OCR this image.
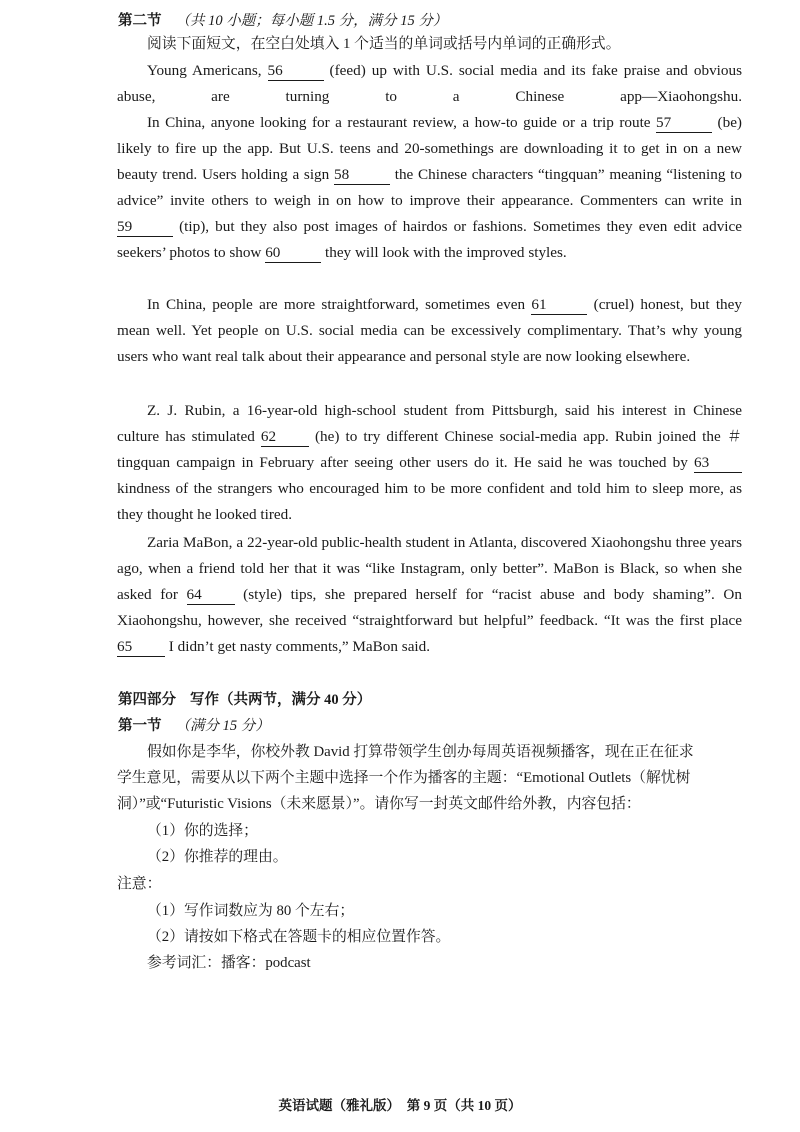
第二节 （共 10 小题；每小题 1.5 分，满分 15 分）
阅读下面短文，在空白处填入 1 个适当的单词或括号内单词的正确形式。
Young Americans, 56	(feed) up with U.S. social media and its fake praise and obvious abuse, are turning to a Chinese app—Xiaohongshu.
In China, anyone looking for a restaurant review, a how-to guide or a trip route 57	(be) likely to fire up the app. But U.S. teens and 20-somethings are downloading it to get in on a new beauty trend. Users holding a sign 58	the Chinese characters “tingquan” meaning “listening to advice” invite others to weigh in on how to improve their appearance. Commenters can write in 59	(tip), but they also post images of hairdos or fashions. Sometimes they even edit advice seekers’ photos to show 60	they will look with the improved styles.
In China, people are more straightforward, sometimes even 61	(cruel) honest, but they mean well. Yet people on U.S. social media can be excessively complimentary. That’s why young users who want real talk about their appearance and personal style are now looking elsewhere.
Z. J. Rubin, a 16-year-old high-school student from Pittsburgh, said his interest in Chinese culture has stimulated 62 (he) to try different Chinese social-media app. Rubin joined the ＃tingquan campaign in February after seeing other users do it. He said he was touched by 63 kindness of the strangers who encouraged him to be more confident and told him to sleep more, as they thought he looked tired.
Zaria MaBon, a 22-year-old public-health student in Atlanta, discovered Xiaohongshu three years ago, when a friend told her that it was “like Instagram, only better”. MaBon is Black, so when she asked for 64 (style) tips, she prepared herself for “racist abuse and body shaming”. On Xiaohongshu, however, she received “straightforward but helpful” feedback. “It was the first place 65 I didn’t get nasty comments,” MaBon said.
第四部分 写作（共两节，满分 40 分）
第一节 （满分 15 分）
假如你是李华，你校外教 David 打算带领学生创办每周英语视频播客，现在正在征求
学生意见，需要从以下两个主题中选择一个作为播客的主题：“Emotional Outlets（解忧树
洞）”或“Futuristic Visions（未来愿景）”。请你写一封英文邮件给外教，内容包括：
（1）你的选择；
（2）你推荐的理由。
注意：
（1）写作词数应为 80 个左右；
（2）请按如下格式在答题卡的相应位置作答。
参考词汇：播客：podcast
英语试题（雅礼版）　第 9 页（共 10 页）
